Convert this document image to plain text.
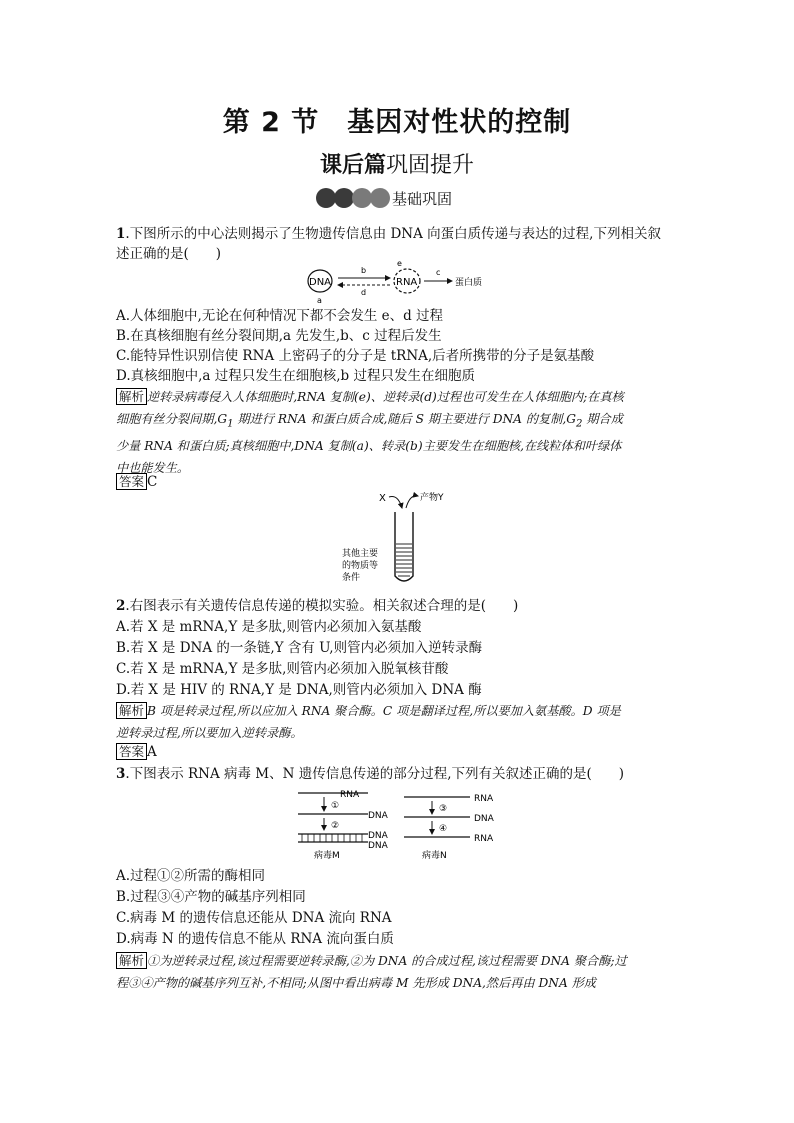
第 2 节　基因对性状的控制
课后篇巩固提升
基础巩固
1.下图所示的中心法则揭示了生物遗传信息由 DNA 向蛋白质传递与表达的过程,下列相关叙
述正确的是(　　)
DNA
a
b
d
RNA
e
c
蛋白质
A.人体细胞中,无论在何种情况下都不会发生 e、d 过程
B.在真核细胞有丝分裂间期,a 先发生,b、c 过程后发生
C.能特异性识别信使 RNA 上密码子的分子是 tRNA,后者所携带的分子是氨基酸
D.真核细胞中,a 过程只发生在细胞核,b 过程只发生在细胞质
解析 逆转录病毒侵入人体细胞时,RNA 复制(e)、逆转录(d)过程也可发生在人体细胞内;在真核
细胞有丝分裂间期$,G_1$ 期进行 RNA 和蛋白质合成,随后 S 期主要进行 DNA 的复制$,G_2$ 期合成
少量 RNA 和蛋白质;真核细胞中,DNA 复制(a)、转录(b)主要发生在细胞核,在线粒体和叶绿体
中也能发生。
答案 C
X	产物Y
其他主要
的物质等
条件
2.右图表示有关遗传信息传递的模拟实验。相关叙述合理的是(　　)
A.若 X 是 mRNA,Y 是多肽,则管内必须加入氨基酸
B.若 X 是 DNA 的一条链,Y 含有 U,则管内必须加入逆转录酶
C.若 X 是 mRNA,Y 是多肽,则管内必须加入脱氧核苷酸
D.若 X 是 HIV 的 RNA,Y 是 DNA,则管内必须加入 DNA 酶
解析 B 项是转录过程,所以应加入 RNA 聚合酶。C 项是翻译过程,所以要加入氨基酸。D 项是
逆转录过程,所以要加入逆转录酶。
答案 A
3.下图表示 RNA 病毒 M、N 遗传信息传递的部分过程,下列有关叙述正确的是(　　)
RNA
①
DNA
②
DNA
DNA
病毒M
RNA
③
DNA
④
RNA
病毒N
A.过程①②所需的酶相同
B.过程③④产物的碱基序列相同
C.病毒 M 的遗传信息还能从 DNA 流向 RNA
D.病毒 N 的遗传信息不能从 RNA 流向蛋白质
解析 ①为逆转录过程,该过程需要逆转录酶,②为 DNA 的合成过程,该过程需要 DNA 聚合酶;过
程③④产物的碱基序列互补,不相同;从图中看出病毒 M 先形成 DNA,然后再由 DNA 形成
